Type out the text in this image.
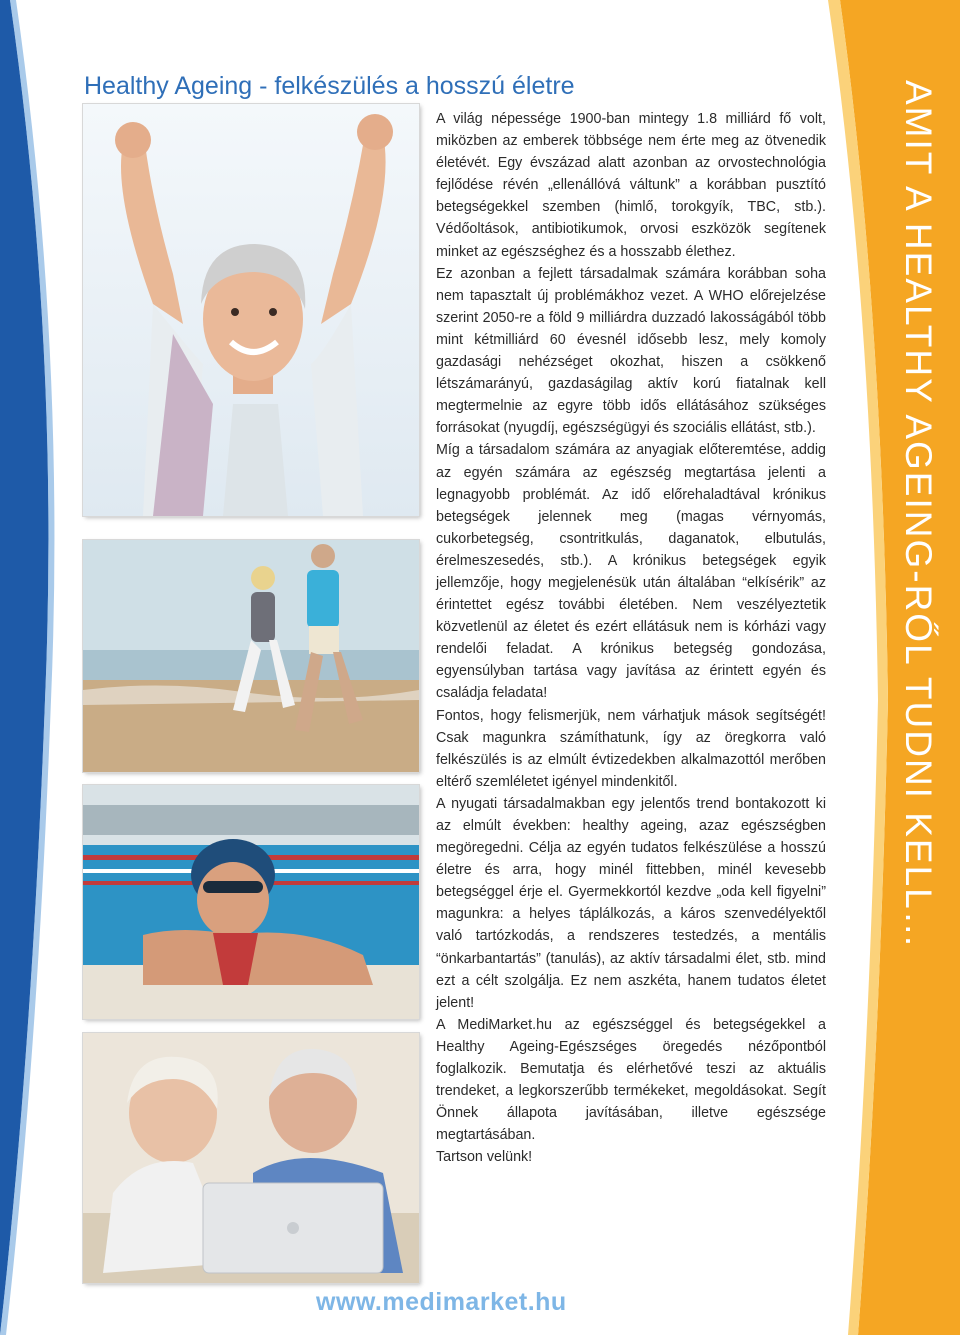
AMIT A HEALTHY AGEING-RŐL TUDNI KELL…
Healthy Ageing - felkészülés a hosszú életre

A világ népessége 1900-ban mintegy 1.8 milliárd fő volt, miközben az emberek többsége nem érte meg az ötvenedik életévét. Egy évszázad alatt azonban az orvostechnológia fejlődése révén „ellenállóvá váltunk” a korábban pusztító betegségekkel szemben (himlő, torokgyík, TBC, stb.). Védőoltások, antibiotikumok, orvosi eszközök segítenek minket az egészséghez és a hosszabb élethez.

Ez azonban a fejlett társadalmak számára korábban soha nem tapasztalt új problémákhoz vezet. A WHO előrejelzése szerint 2050-re a föld 9 milliárdra duzzadó lakosságából több mint kétmilliárd 60 évesnél idősebb lesz, mely komoly gazdasági nehézséget okozhat, hiszen a csökkenő létszámarányú, gazdaságilag aktív korú fiatalnak kell megtermelnie az egyre több idős ellátásához szükséges forrásokat (nyugdíj, egészségügyi és szociális ellátást, stb.).

Míg a társadalom számára az anyagiak előteremtése, addig az egyén számára az egészség megtartása jelenti a legnagyobb problémát. Az idő előrehaladtával krónikus betegségek jelennek meg (magas vérnyomás, cukorbetegség, csontritkulás, daganatok, elbutulás, érelmeszesedés, stb.). A krónikus betegségek egyik jellemzője, hogy megjelenésük után általában “elkísérik” az érintettet egész további életében. Nem veszélyeztetik közvetlenül az életet és ezért ellátásuk nem is kórházi vagy rendelői feladat. A krónikus betegség gondozása, egyensúlyban tartása vagy javítása az érintett egyén és családja feladata!

Fontos, hogy felismerjük, nem várhatjuk mások segítségét! Csak magunkra számíthatunk, így az öregkorra való felkészülés is az elmúlt évtizedekben alkalmazottól merőben eltérő szemléletet igényel mindenkitől.

A nyugati társadalmakban egy jelentős trend bontakozott ki az elmúlt években: healthy ageing, azaz egészségben megöregedni. Célja az egyén tudatos felkészülése a hosszú életre és arra, hogy minél fittebben, minél kevesebb betegséggel érje el. Gyermekkortól kezdve „oda kell figyelni” magunkra: a helyes táplálkozás, a káros szenvedélyektől való tartózkodás, a rendszeres testedzés, a mentális “önkarbantartás” (tanulás), az aktív társadalmi élet, stb. mind ezt a célt szolgálja. Ez nem aszkéta, hanem tudatos életet jelent!

A MediMarket.hu az egészséggel és betegségekkel a Healthy Ageing-Egészséges öregedés nézőpontból foglalkozik. Bemutatja és elérhetővé teszi az aktuális trendeket, a legkorszerűbb termékeket, megoldásokat. Segít Önnek állapota javításában, illetve egészsége megtartásában.

Tartson velünk!

www.medimarket.hu
